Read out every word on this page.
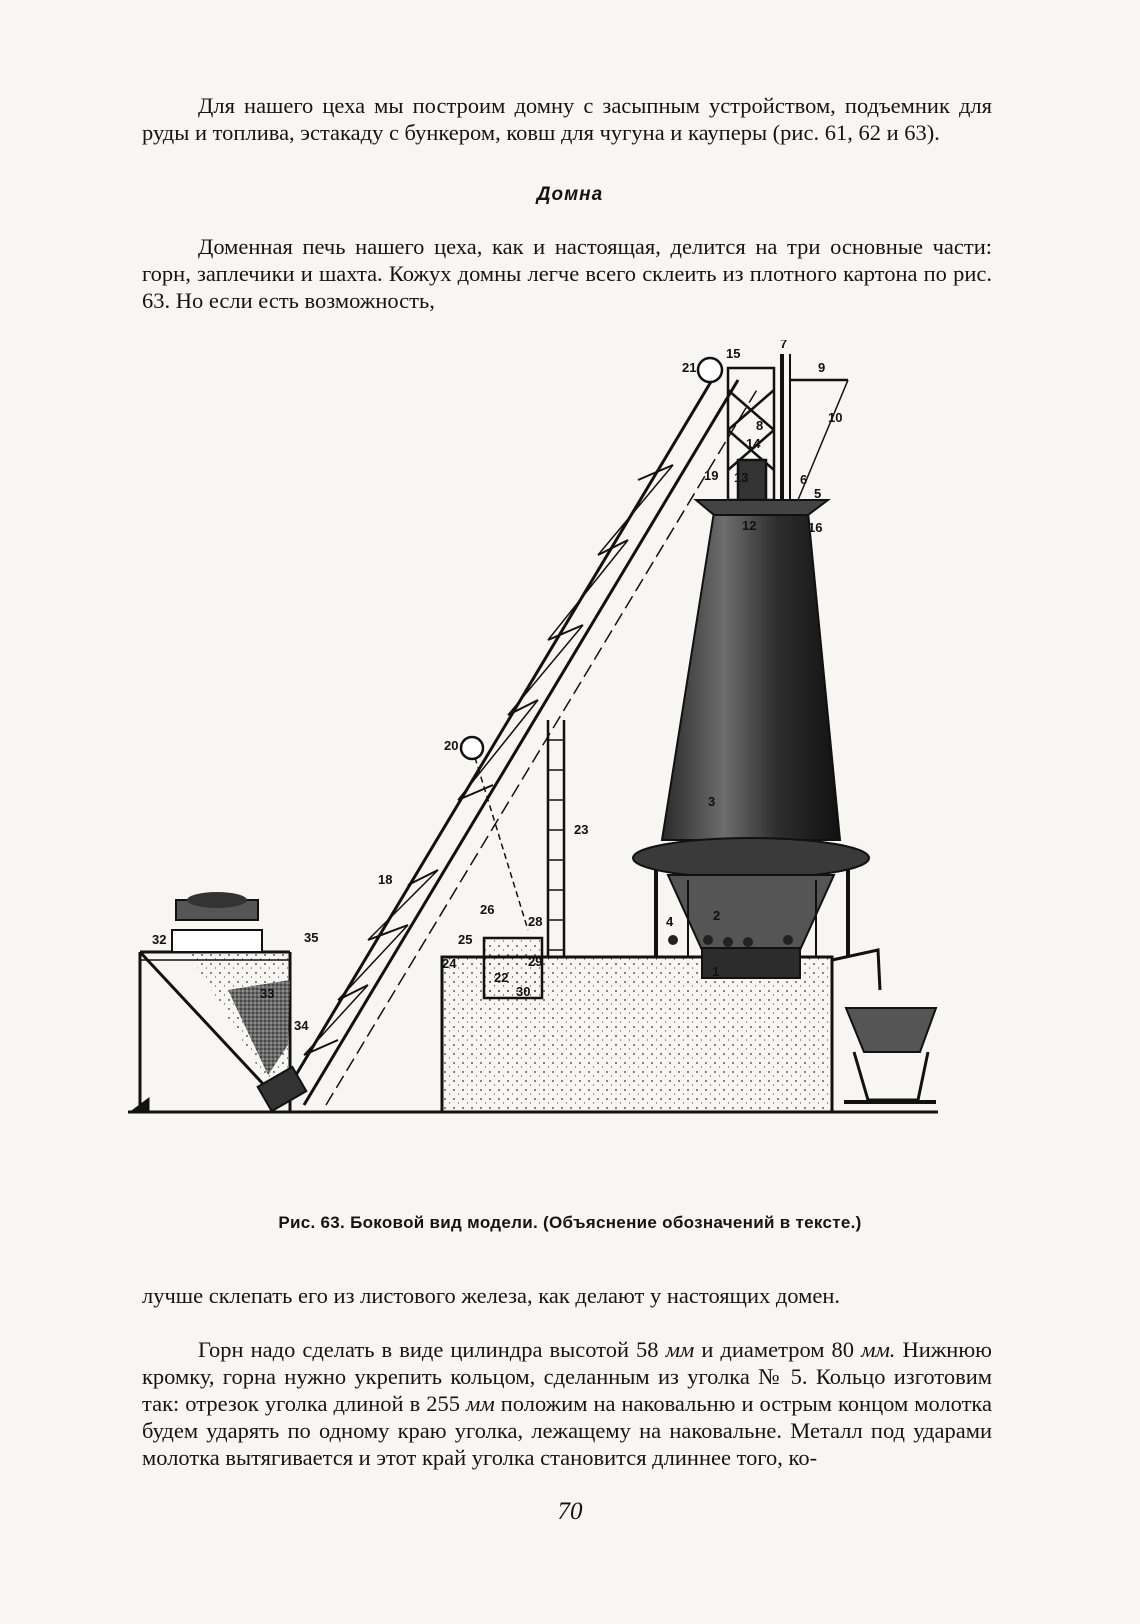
Для нашего цеха мы построим домну с засыпным устройством, подъемник для руды и топлива, эстакаду с бункером, ковш для чугуна и кауперы (рис. 61, 62 и 63).

Домна

Доменная печь нашего цеха, как и настоящая, делится на три основные части: горн, заплечики и шахта. Кожух домны легче всего склеить из плотного картона по рис. 63. Но если есть возможность,

1
2
3
4
5
6
7
8
9
10
12
13
14
15
16
18
19
20
21
22
23
24
25
26
28
29
30
32
33
34
35
Рис. 63. Боковой вид модели. (Объяснение обозначений в тексте.)

лучше склепать его из листового железа, как делают у настоящих домен.

Горн надо сделать в виде цилиндра высотой 58 мм и диаметром 80 мм. Нижнюю кромку, горна нужно укрепить кольцом, сделанным из уголка № 5. Кольцо изготовим так: отрезок уголка длиной в 255 мм положим на наковальню и острым концом молотка будем ударять по одному краю уголка, лежащему на наковальне. Металл под ударами молотка вытягивается и этот край уголка становится длиннее того, ко-

70
